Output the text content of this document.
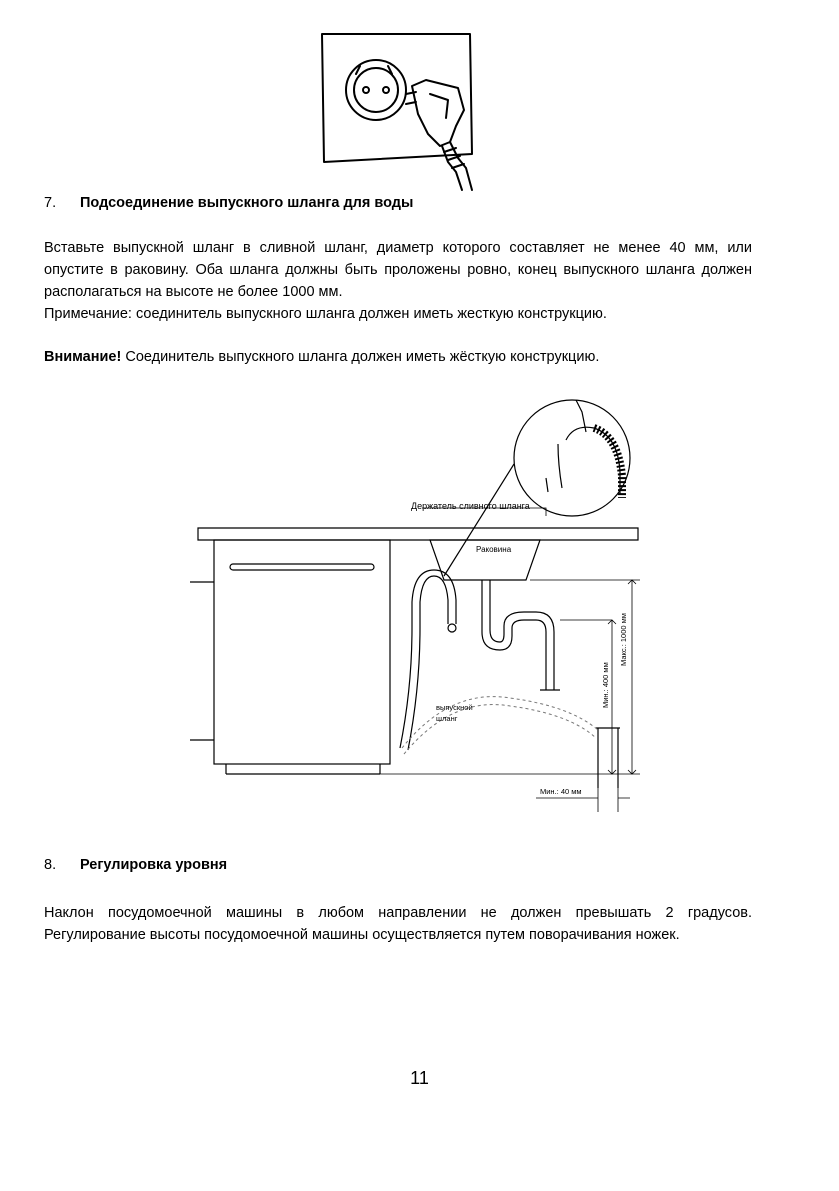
7. Подсоединение выпускного шланга для воды

Вставьте выпускной шланг в сливной шланг, диаметр которого составляет не менее 40 мм, или опустите в раковину. Оба шланга должны быть проложены ровно, конец выпускного шланга должен располагаться на высоте не более 1000 мм.

Примечание: соединитель выпускного шланга должен иметь жесткую конструкцию.

Внимание! Соединитель выпускного шланга должен иметь жёсткую конструкцию.

Держатель сливного шланга
Раковина
выпускной
шланг
Мин.: 400 мм
Макс.: 1000 мм
Мин.: 40 мм
8. Регулировка уровня

Наклон посудомоечной машины в любом направлении не должен превышать 2 градусов. Регулирование высоты посудомоечной машины осуществляется путем поворачивания ножек.

11
